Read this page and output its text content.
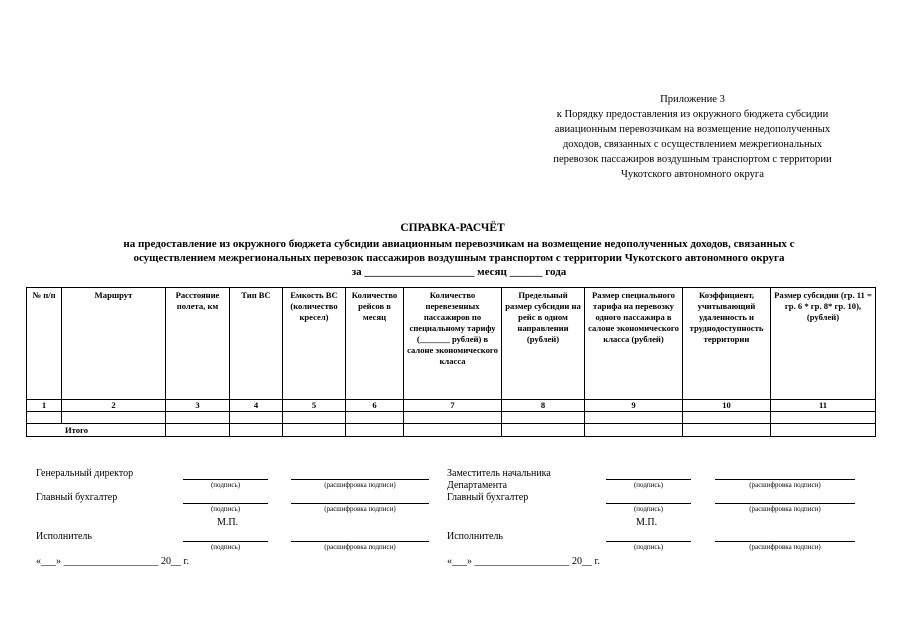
Приложение 3
к Порядку предоставления из окружного бюджета субсидии
авиационным перевозчикам на возмещение недополученных
доходов, связанных с осуществлением межрегиональных
перевозок пассажиров воздушным транспортом с территории
Чукотского автономного округа
СПРАВКА-РАСЧЁТ
на предоставление из окружного бюджета субсидии авиационным перевозчикам на возмещение недополученных доходов, связанных с
осуществлением межрегиональных перевозок пассажиров воздушным транспортом с территории Чукотского автономного округа
за ____________________ месяц ______ года
№ п/п	Маршрут	Расстояние полета, км	Тип ВС	Емкость ВС (количество кресел)	Количество рейсов в месяц	Количество перевезенных пассажиров по специальному тарифу (_______ рублей) в салоне экономического класса	Предельный размер субсидии на рейс в одном направлении (рублей)	Размер специального тарифа на перевозку одного пассажира в салоне экономического класса (рублей)	Коэффициент, учитывающий удаленность и труднодоступность территории	Размер субсидии (гр. 11 = гр. 6 * гр. 8* гр. 10), (рублей)
1	2	3	4	5	6	7	8	9	10	11

Итого										
Генеральный директор
(подпись)	(расшифровка подписи)
Главный бухгалтер
(подпись)	(расшифровка подписи)
М.П.
Исполнитель
(подпись)	(расшифровка подписи)
«___» ___________________ 20__ г.
Заместитель начальника
Департамента	(подпись)	(расшифровка подписи)
Главный бухгалтер
(подпись)	(расшифровка подписи)
М.П.
Исполнитель
(подпись)	(расшифровка подписи)
«___» ___________________ 20__ г.
